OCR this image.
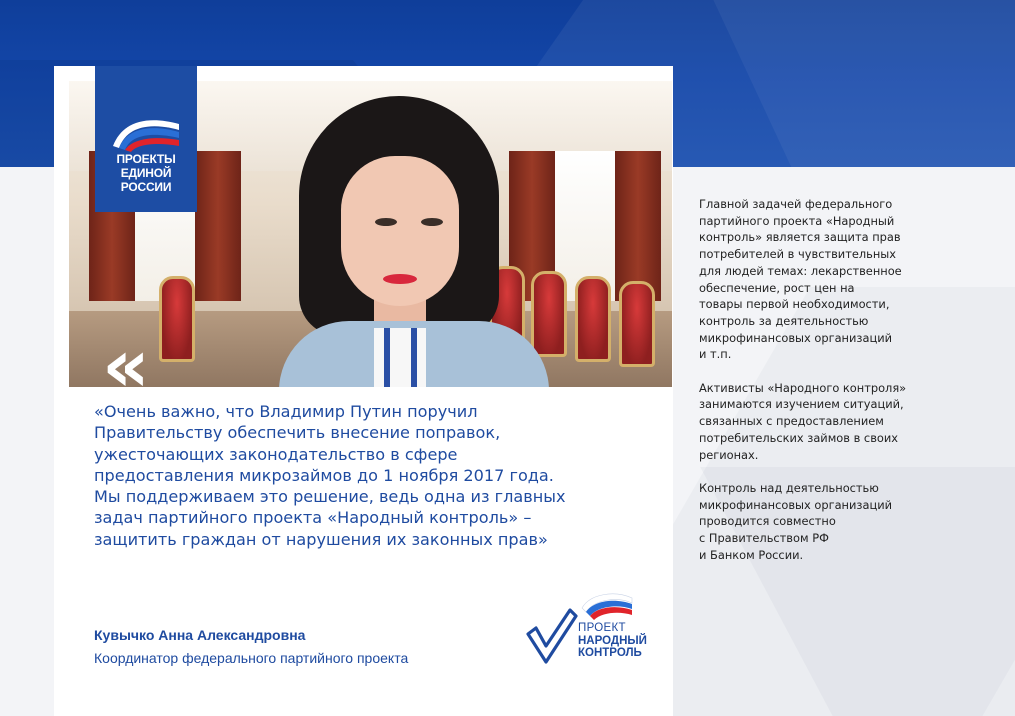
ПРОЕКТЫ
ЕДИНОЙ
РОССИИ
«
«Очень важно, что Владимир Путин поручил
Правительству обеспечить внесение поправок,
ужесточающих законодательство в сфере
предоставления микрозаймов до 1 ноября 2017 года.
Мы поддерживаем это решение, ведь одна из главных
задач партийного проекта «Народный контроль» –
защитить граждан от нарушения их законных прав»
Кувычко Анна Александровна
Координатор федерального партийного проекта
ПРОЕКТ
НАРОДНЫЙ
КОНТРОЛЬ

Главной задачей федерального
партийного проекта «Народный
контроль» является защита прав
потребителей в чувствительных
для людей темах: лекарственное
обеспечение, рост цен на
товары первой необходимости,
контроль за деятельностью
микрофинансовых организаций
и т.п.

Активисты «Народного контроля»
занимаются изучением ситуаций,
связанных с предоставлением
потребительских займов в своих
регионах.

Контроль над деятельностью
микрофинансовых организаций
проводится совместно
с Правительством РФ
и Банком России.
